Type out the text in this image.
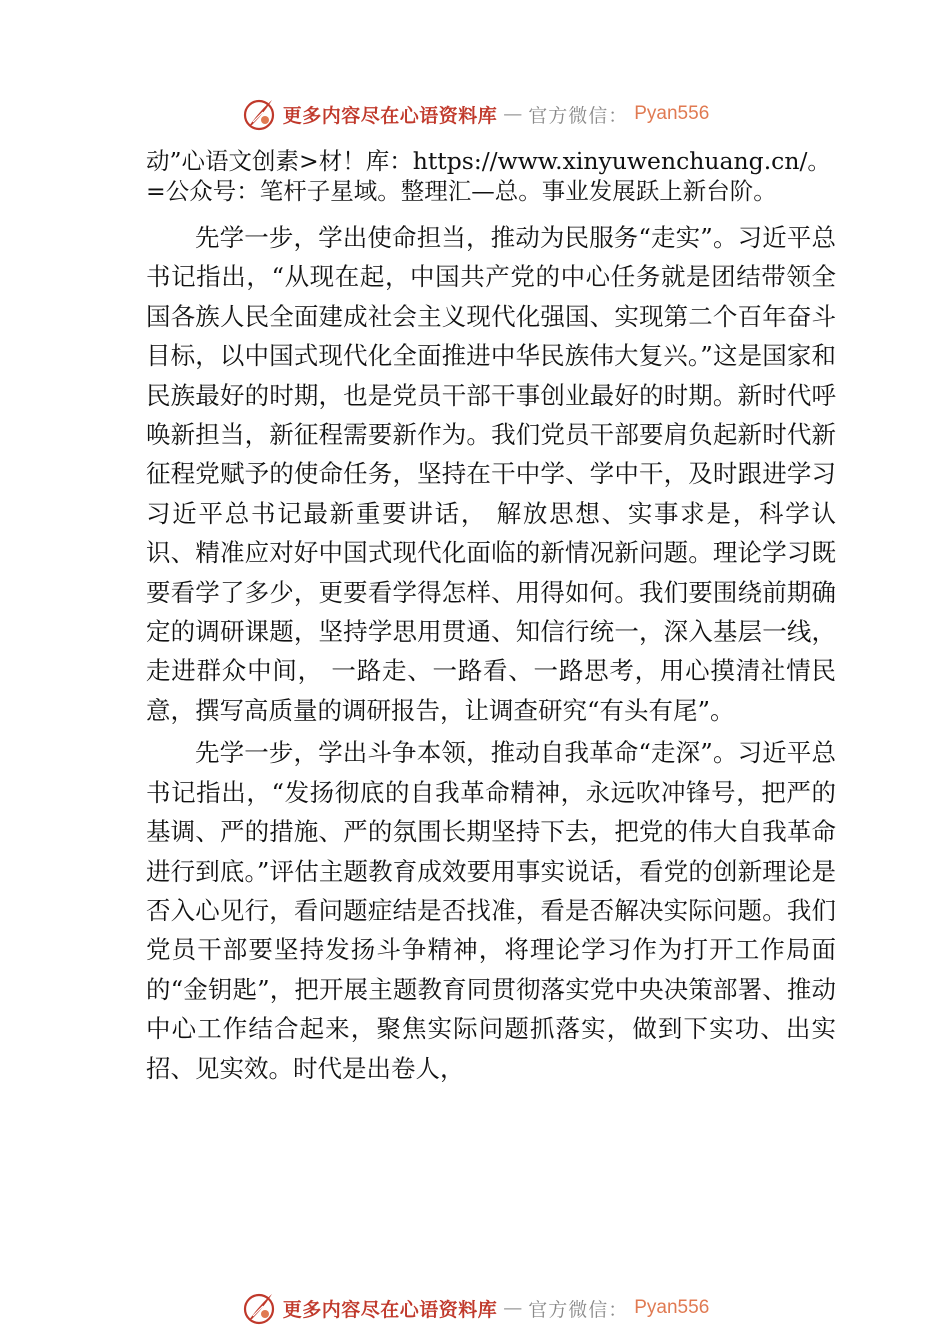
更多内容尽在心语资料库 — 官方微信： Pyan556
动”心语文创素>材！库：https://www.xinyuwenchuang.cn/。
=公众号：笔杆子星域。整理汇—总。事业发展跃上新台阶。

先学一步，学出使命担当，推动为民服务“走实”。习近平总书记指出，“从现在起，中国共产党的中心任务就是团结带领全国各族人民全面建成社会主义现代化强国、实现第二个百年奋斗目标，以中国式现代化全面推进中华民族伟大复兴。”这是国家和民族最好的时期，也是党员干部干事创业最好的时期。新时代呼唤新担当，新征程需要新作为。我们党员干部要肩负起新时代新征程党赋予的使命任务，坚持在干中学、学中干，及时跟进学习习近平总书记最新重要讲话， 解放思想、实事求是，科学认识、精准应对好中国式现代化面临的新情况新问题。理论学习既要看学了多少，更要看学得怎样、用得如何。我们要围绕前期确定的调研课题，坚持学思用贯通、知信行统一，深入基层一线，走进群众中间， 一路走、一路看、一路思考，用心摸清社情民意，撰写高质量的调研报告，让调查研究“有头有尾”。

先学一步，学出斗争本领，推动自我革命“走深”。习近平总书记指出，“发扬彻底的自我革命精神，永远吹冲锋号，把严的基调、严的措施、严的氛围长期坚持下去，把党的伟大自我革命进行到底。”评估主题教育成效要用事实说话，看党的创新理论是否入心见行，看问题症结是否找准，看是否解决实际问题。我们党员干部要坚持发扬斗争精神，将理论学习作为打开工作局面的“金钥匙”，把开展主题教育同贯彻落实党中央决策部署、推动中心工作结合起来，聚焦实际问题抓落实，做到下实功、出实招、见实效。时代是出卷人，

更多内容尽在心语资料库 — 官方微信： Pyan556
